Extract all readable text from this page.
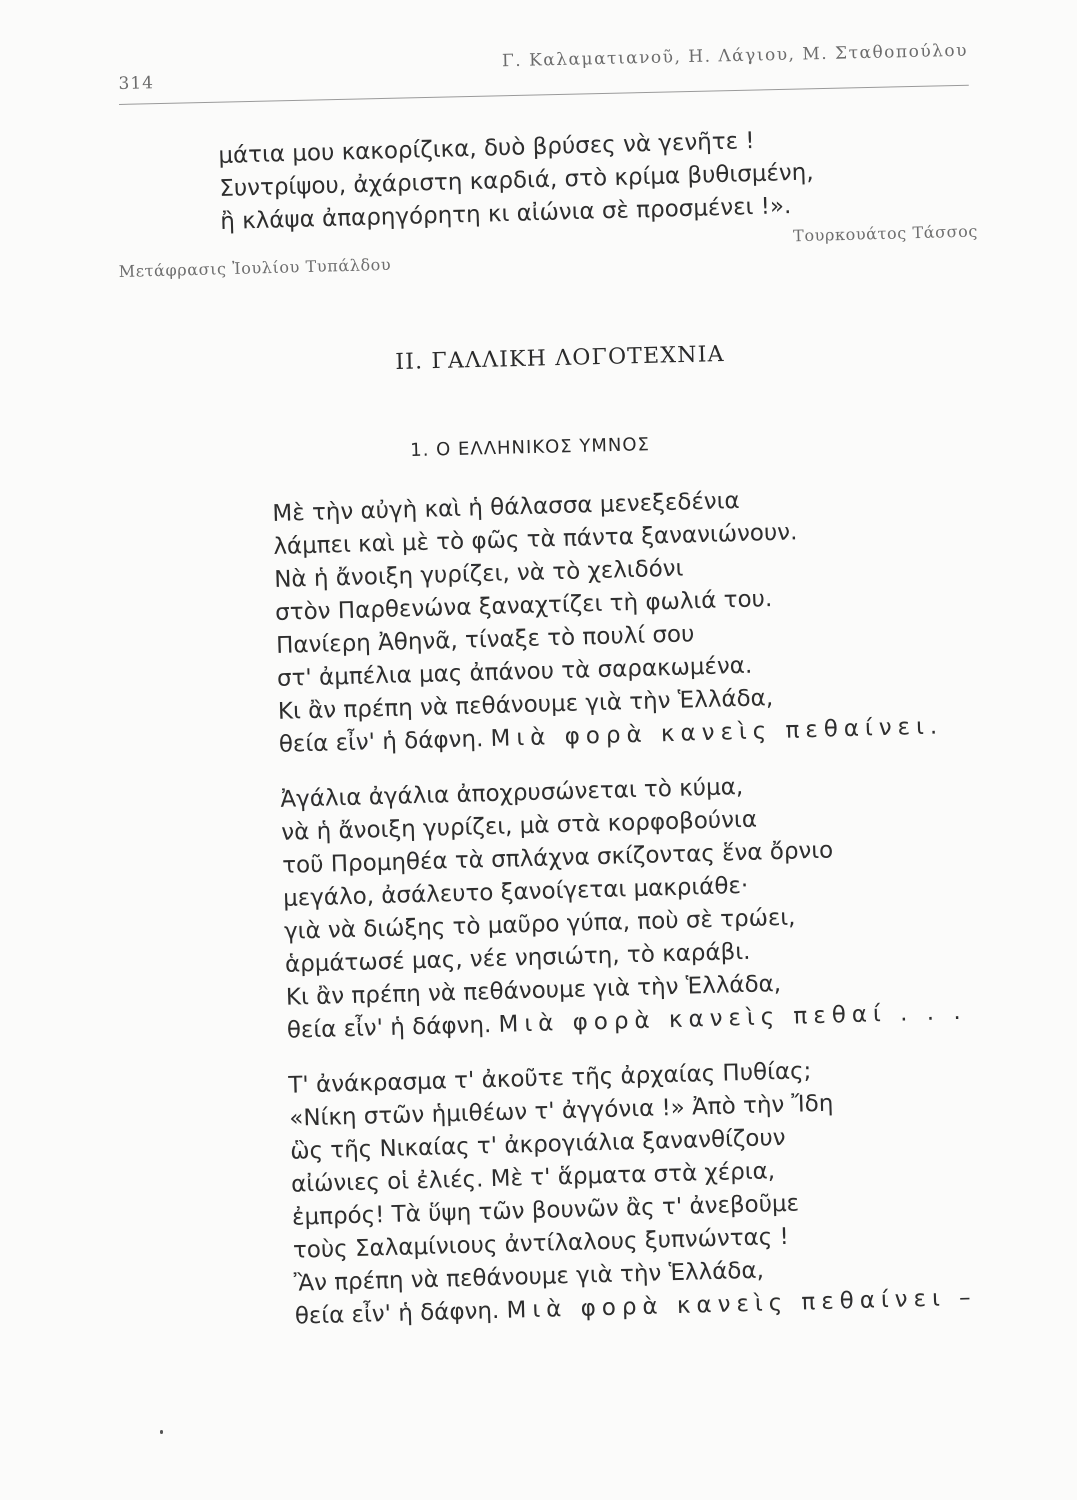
314
Γ. Καλαματιανοῦ, Η. Λάγιου, Μ. Σταθοπούλου
μάτια μου κακορίζικα, δυὸ βρύσες νὰ γενῆτε !
Συντρίψου, ἀχάριστη καρδιά, στὸ κρίμα βυθισμένη,
ἢ κλάψα ἀπαρηγόρητη κι αἰώνια σὲ προσμένει !».
Μετάφρασις Ἰουλίου Τυπάλδου
Τουρκουάτος Τάσσος
II. ΓΑΛΛΙΚΗ ΛΟΓΟΤΕΧΝΙΑ
1. Ο ΕΛΛΗΝΙΚΟΣ ΥΜΝΟΣ
Μὲ τὴν αὐγὴ καὶ ἡ θάλασσα μενεξεδένια
λάμπει καὶ μὲ τὸ φῶς τὰ πάντα ξανανιώνουν.
Νὰ ἡ ἄνοιξη γυρίζει, νὰ τὸ χελιδόνι
στὸν Παρθενώνα ξαναχτίζει τὴ φωλιά του.
Πανίερη Ἀθηνᾶ, τίναξε τὸ πουλί σου
στ' ἀμπέλια μας ἀπάνου τὰ σαρακωμένα.
Κι ἂν πρέπη νὰ πεθάνουμε γιὰ τὴν Ἑλλάδα,
θεία εἶν' ἡ δάφνη. Μιὰ φορὰ κανεὶς πεθαίνει.
Ἀγάλια ἀγάλια ἀποχρυσώνεται τὸ κύμα,
νὰ ἡ ἄνοιξη γυρίζει, μὰ στὰ κορφοβούνια
τοῦ Προμηθέα τὰ σπλάχνα σκίζοντας ἕνα ὄρνιο
μεγάλο, ἀσάλευτο ξανοίγεται μακριάθε·
γιὰ νὰ διώξης τὸ μαῦρο γύπα, ποὺ σὲ τρώει,
ἁρμάτωσέ μας, νέε νησιώτη, τὸ καράβι.
Κι ἂν πρέπη νὰ πεθάνουμε γιὰ τὴν Ἑλλάδα,
θεία εἶν' ἡ δάφνη. Μιὰ φορὰ κανεὶς πεθαί . . .
Τ' ἀνάκρασμα τ' ἀκοῦτε τῆς ἀρχαίας Πυθίας;
«Νίκη στῶν ἡμιθέων τ' ἀγγόνια !» Ἀπὸ τὴν Ἴδη
ὣς τῆς Νικαίας τ' ἀκρογιάλια ξανανθίζουν
αἰώνιες οἱ ἐλιές. Μὲ τ' ἅρματα στὰ χέρια,
ἐμπρός! Τὰ ὕψη τῶν βουνῶν ἂς τ' ἀνεβοῦμε
τοὺς Σαλαμίνιους ἀντίλαλους ξυπνώντας !
Ἂν πρέπη νὰ πεθάνουμε γιὰ τὴν Ἑλλάδα,
θεία εἶν' ἡ δάφνη. Μιὰ φορὰ κανεὶς πεθαίνει –
